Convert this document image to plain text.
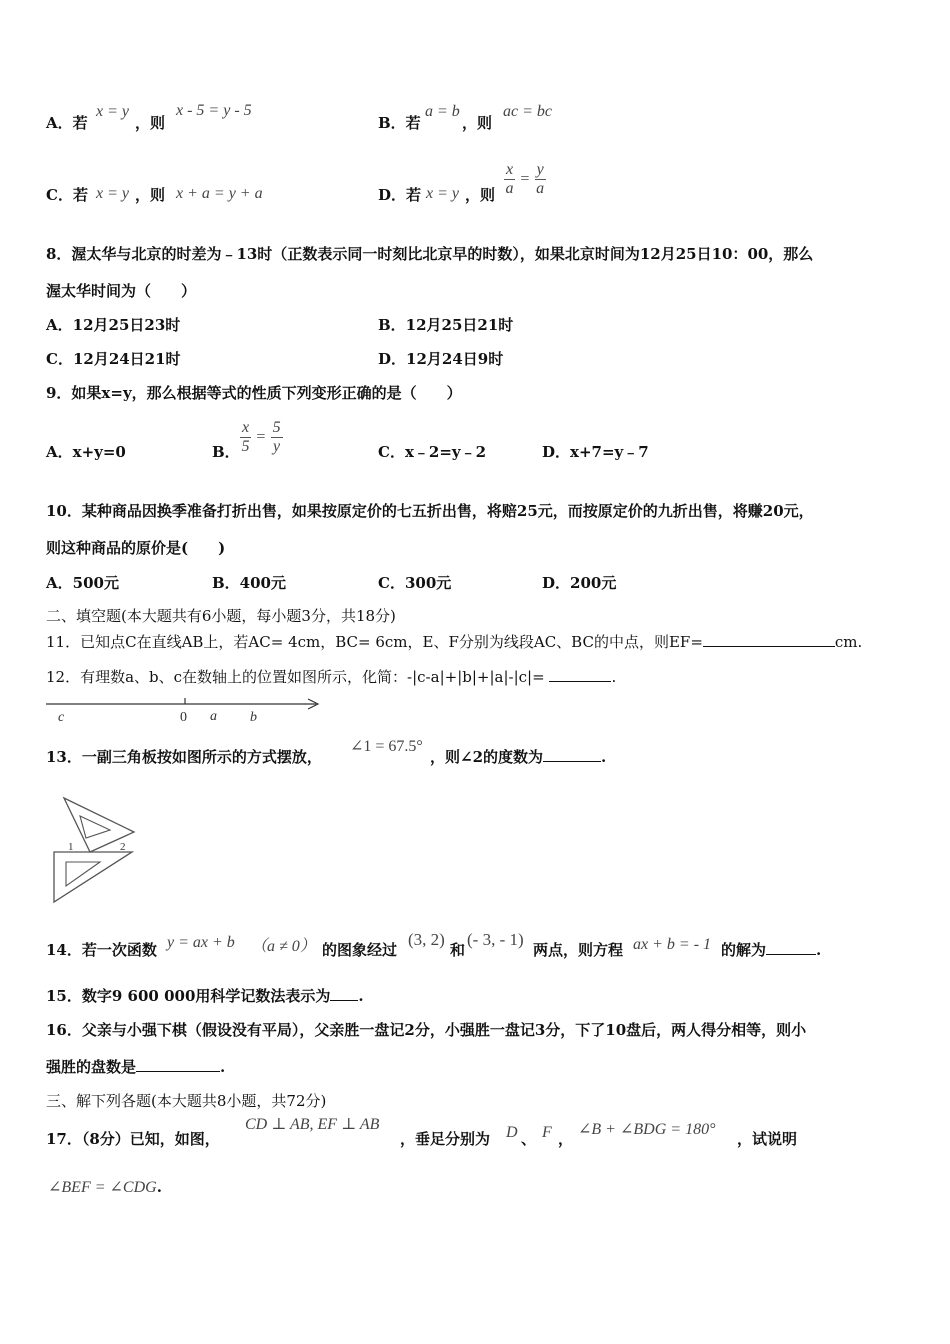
A．若
x = y
，则
x - 5 = y - 5
B．若
a = b
，则
ac = bc
C．若 x = y ，则 x + a = y + a	D．若 x = y ，则 $\frac{x}{a} = \frac{y}{a}$
8．渥太华与北京的时差为﹣13时（正数表示同一时刻比北京早的时数），如果北京时间为12月25日10：00，那么
渥太华时间为（　　）
A．12月25日23时	B．12月25日21时
C．12月24日21时	D．12月24日9时
9．如果x=y，那么根据等式的性质下列变形正确的是（　　）
A．x+y=0	B． $\frac{x}{5} = \frac{5}{y}$	C．x﹣2=y﹣2	D．x+7=y﹣7
10．某种商品因换季准备打折出售，如果按原定价的七五折出售，将赔25元，而按原定价的九折出售，将赚20元，
则这种商品的原价是(　　)
A．500元	B．400元	C．300元	D．200元
二、填空题(本大题共有6小题，每小题3分，共18分)
11．已知点C在直线AB上，若AC= 4cm，BC= 6cm，E、F分别为线段AC、BC的中点，则EF=	cm.
12．有理数a、b、c在数轴上的位置如图所示，化简：-|c-a|+|b|+|a|-|c|=	.
c	0 a b
13．一副三角板按如图所示的方式摆放，
∠1 = 67.5°
，则∠2的度数为	.
1	2
14．若一次函数 y = ax + b （a ≠ 0） 的图象经过
(3, 2)
和
(- 3, - 1)
两点，则方程 ax + b = - 1 的解为	.
15．数字9 600 000用科学记数法表示为 .
16．父亲与小强下棋（假设没有平局），父亲胜一盘记2分，小强胜一盘记3分，下了10盘后，两人得分相等，则小
强胜的盘数是	.
三、解下列各题(本大题共8小题，共72分)
17．（8分）已知，如图，
CD ⊥ AB, EF ⊥ AB
，垂足分别为 D 、 F ，
∠B + ∠BDG = 180°
，试说明
∠BEF = ∠CDG.
